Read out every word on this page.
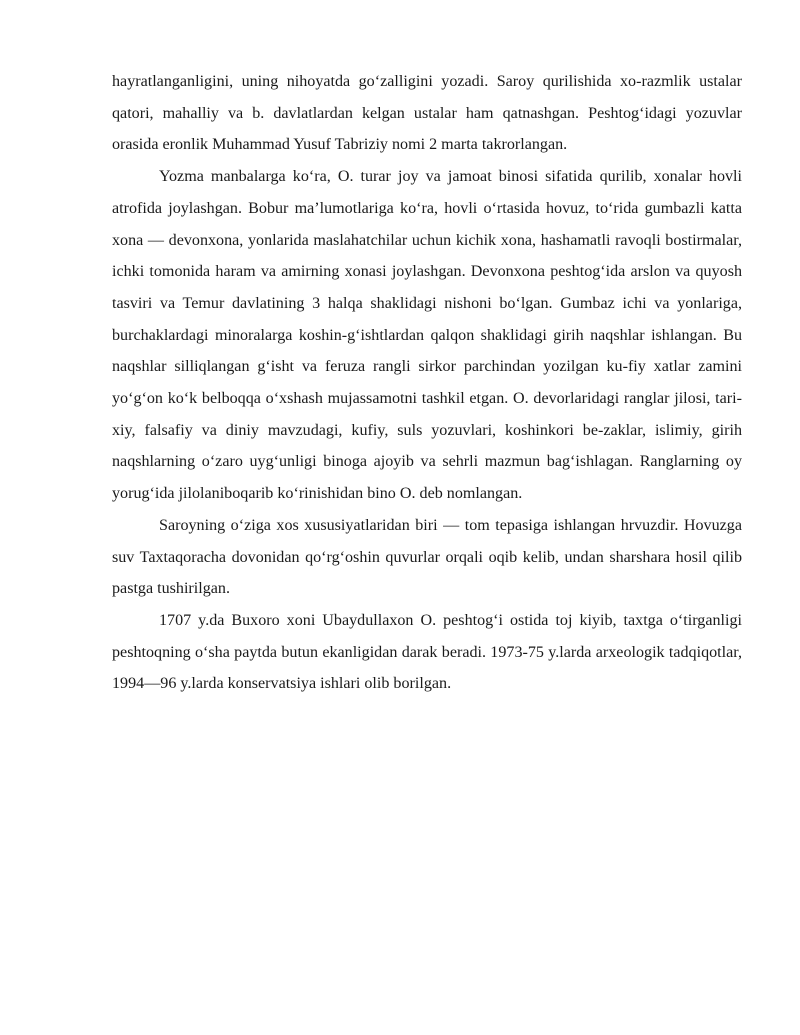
hayratlanganligini, uning nihoyatda go‘zalligini yozadi. Saroy qurilishida xo-razmlik ustalar qatori, mahalliy va b. davlatlardan kelgan ustalar ham qatnashgan. Peshtog‘idagi yozuvlar orasida eronlik Muhammad Yusuf Tabriziy nomi 2 marta takrorlangan.

Yozma manbalarga ko‘ra, O. turar joy va jamoat binosi sifatida qurilib, xonalar hovli atrofida joylashgan. Bobur ma’lumotlariga ko‘ra, hovli o‘rtasida hovuz, to‘rida gumbazli katta xona — devonxona, yonlarida maslahatchilar uchun kichik xona, hashamatli ravoqli bostirmalar, ichki tomonida haram va amirning xonasi joylashgan. Devonxona peshtog‘ida arslon va quyosh tasviri va Temur davlatining 3 halqa shaklidagi nishoni bo‘lgan. Gumbaz ichi va yonlariga, burchaklardagi minoralarga koshin-g‘ishtlardan qalqon shaklidagi girih naqshlar ishlangan. Bu naqshlar silliqlangan g‘isht va feruza rangli sirkor parchindan yozilgan ku-fiy xatlar zamini yo‘g‘on ko‘k belboqqa o‘xshash mujassamotni tashkil etgan. O. devorlaridagi ranglar jilosi, tari-xiy, falsafiy va diniy mavzudagi, kufiy, suls yozuvlari, koshinkori be-zaklar, islimiy, girih naqshlarning o‘zaro uyg‘unligi binoga ajoyib va sehrli mazmun bag‘ishlagan. Ranglarning oy yorug‘ida jilolaniboqarib ko‘rinishidan bino O. deb nomlangan.

Saroyning o‘ziga xos xususiyatlaridan biri — tom tepasiga ishlangan hrvuzdir. Hovuzga suv Taxtaqoracha dovonidan qo‘rg‘oshin quvurlar orqali oqib kelib, undan sharshara hosil qilib pastga tushirilgan.

1707 y.da Buxoro xoni Ubaydullaxon O. peshtog‘i ostida toj kiyib, taxtga o‘tirganligi peshtoqning o‘sha paytda butun ekanligidan darak beradi. 1973-75 y.larda arxeologik tadqiqotlar, 1994—96 y.larda konservatsiya ishlari olib borilgan.
